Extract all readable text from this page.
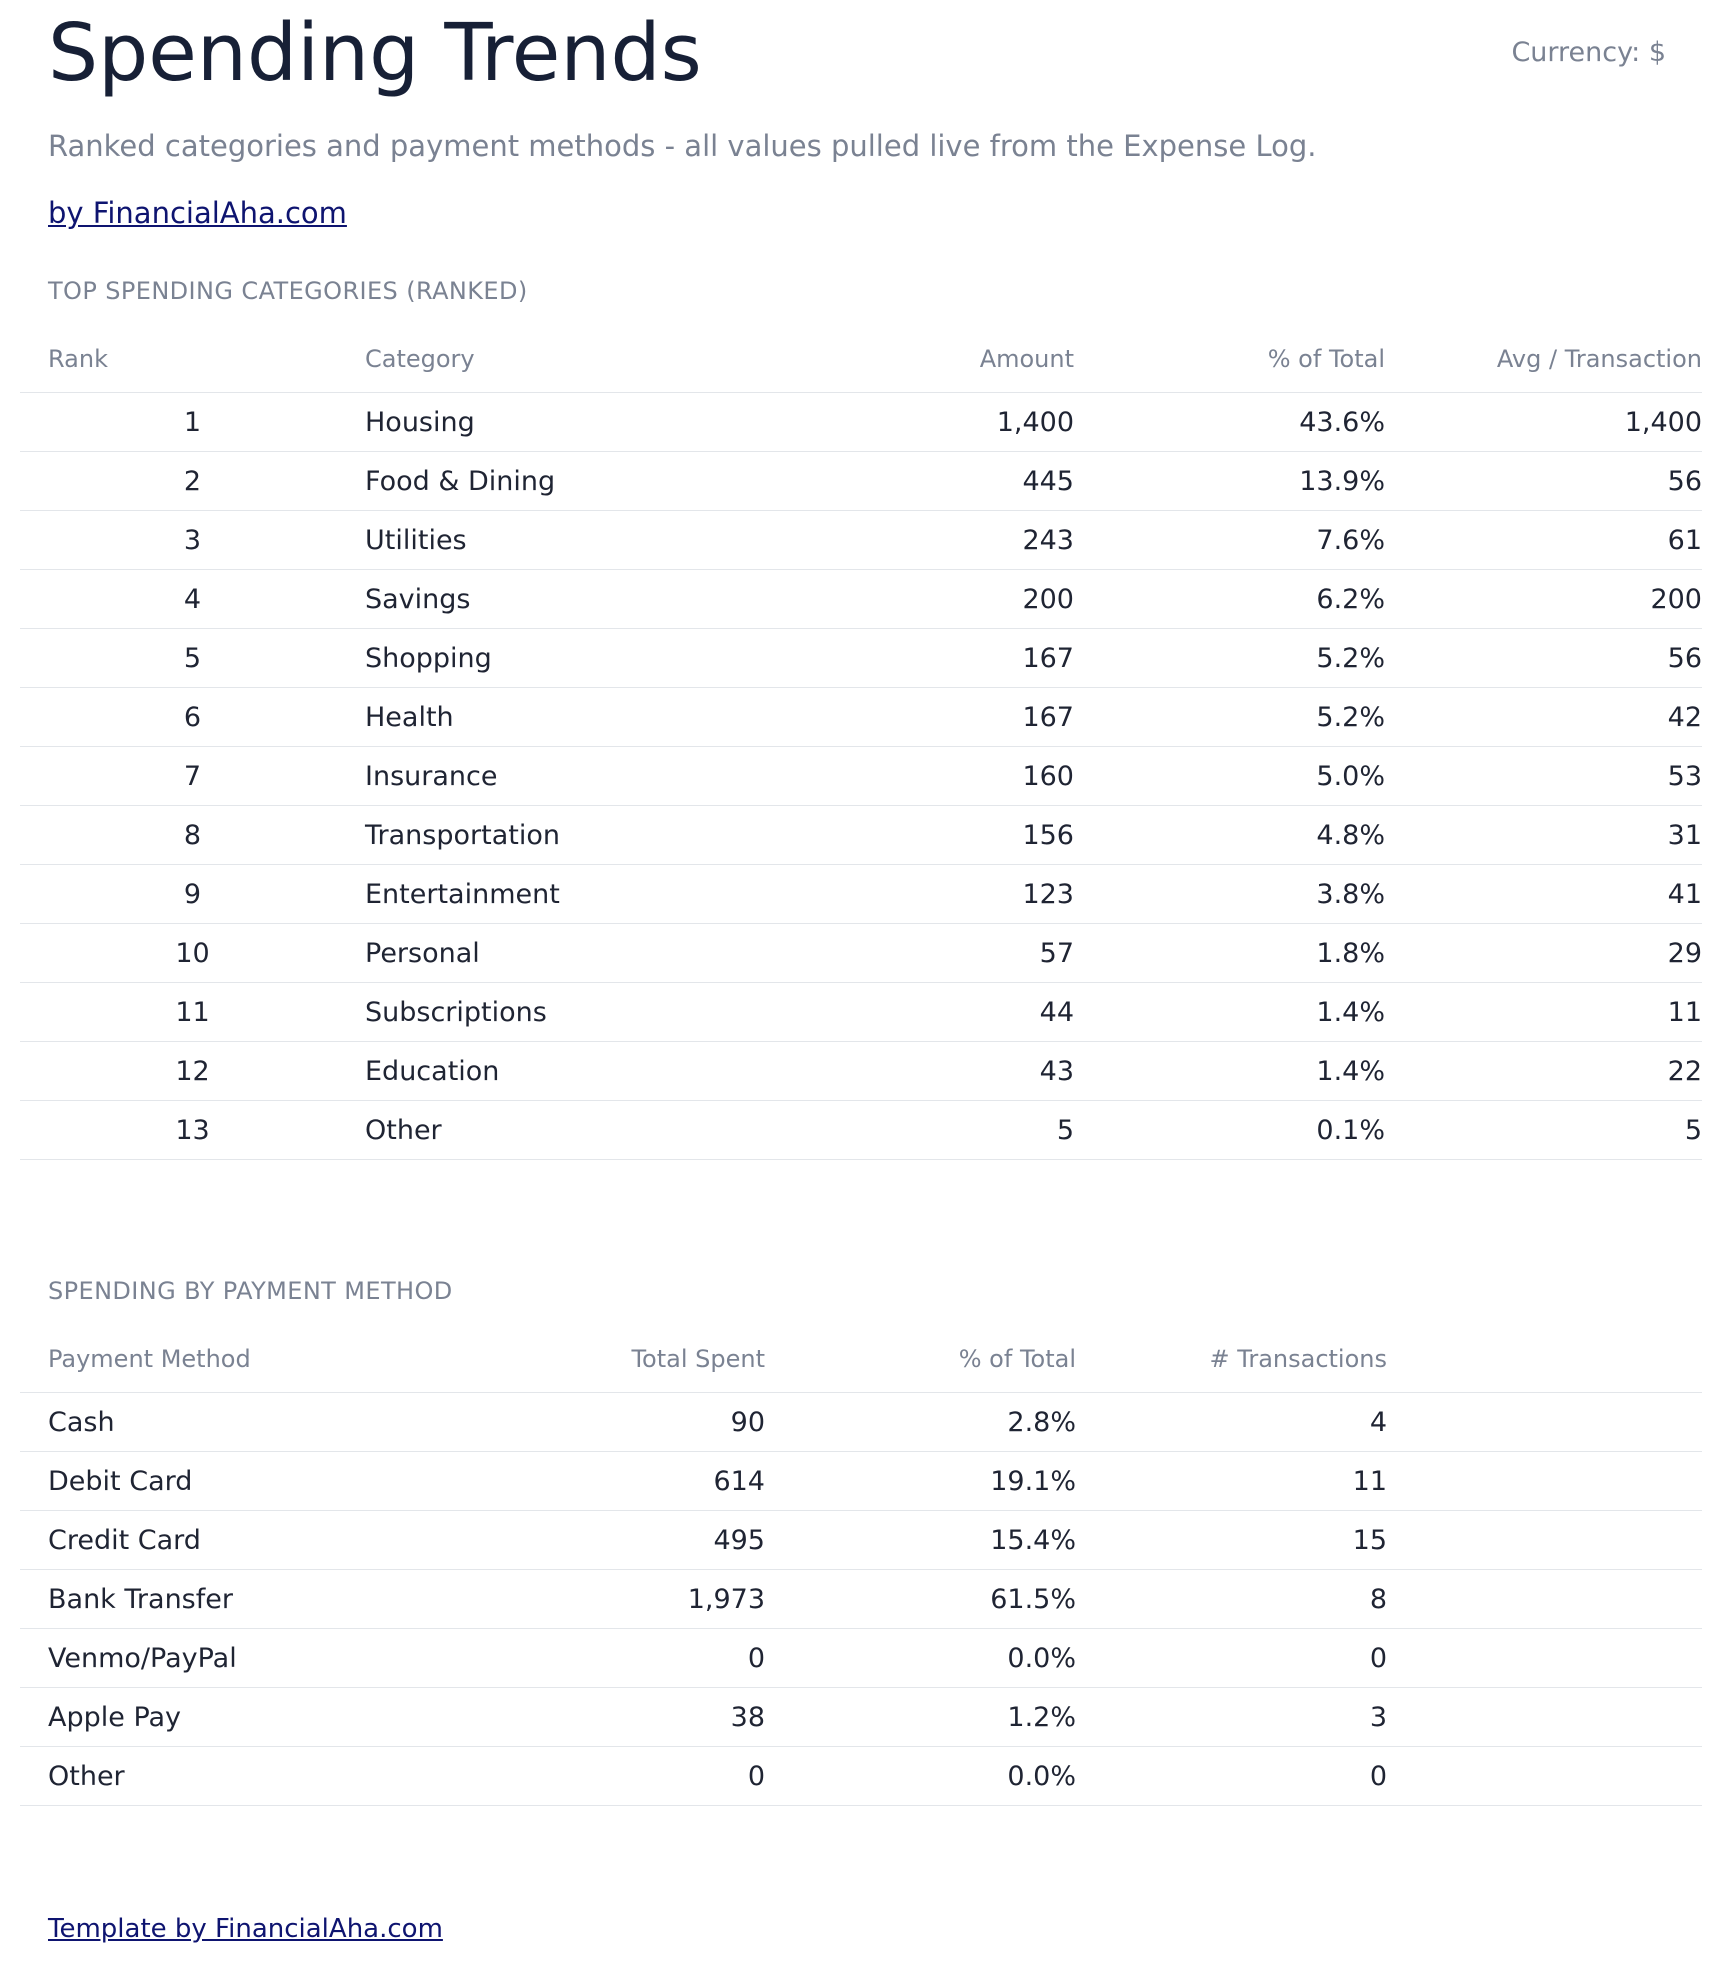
Spending Trends	Currency: $
Ranked categories and payment methods - all values pulled live from the Expense Log.
by FinancialAha.com
TOP SPENDING CATEGORIES (RANKED)
Rank	Category	Amount	% of Total	Avg / Transaction
1	Housing	1,400	43.6%	1,400
2	Food & Dining	445	13.9%	56
3	Utilities	243	7.6%	61
4	Savings	200	6.2%	200
5	Shopping	167	5.2%	56
6	Health	167	5.2%	42
7	Insurance	160	5.0%	53
8	Transportation	156	4.8%	31
9	Entertainment	123	3.8%	41
10	Personal	57	1.8%	29
11	Subscriptions	44	1.4%	11
12	Education	43	1.4%	22
13	Other	5	0.1%	5
SPENDING BY PAYMENT METHOD
Payment Method	Total Spent	% of Total	# Transactions	
Cash	90	2.8%	4	
Debit Card	614	19.1%	11	
Credit Card	495	15.4%	15	
Bank Transfer	1,973	61.5%	8	
Venmo/PayPal	0	0.0%	0	
Apple Pay	38	1.2%	3	
Other	0	0.0%	0	
Template by FinancialAha.com
